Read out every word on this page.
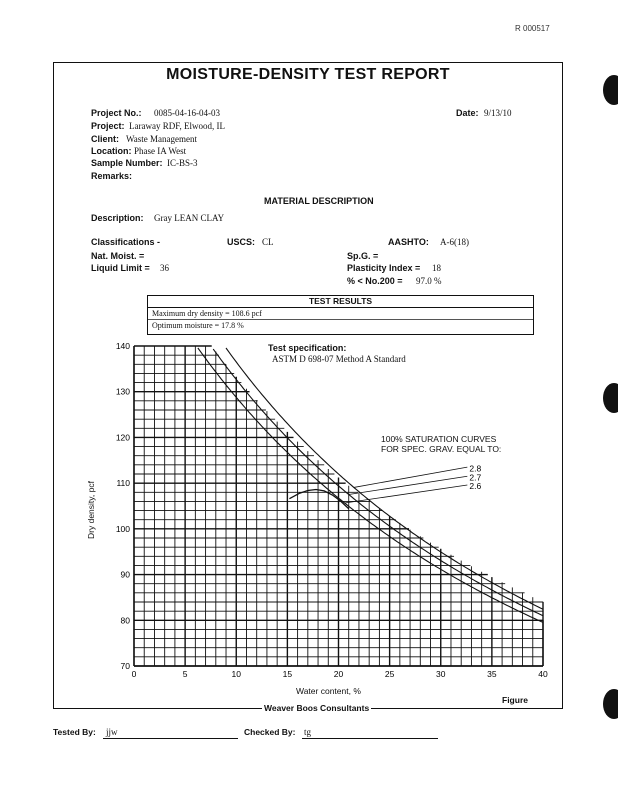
R 000517
MOISTURE-DENSITY TEST REPORT
Project No.: 0085-04-16-04-03	Date: 9/13/10
Project: Laraway RDF, Elwood, IL
Client: Waste Management
Location: Phase IA West
Sample Number: IC-BS-3
Remarks:
MATERIAL DESCRIPTION
Description: Gray LEAN CLAY
Classifications -	USCS: CL	AASHTO: A-6(18)
Nat. Moist. =	Sp.G. =
Liquid Limit = 36	Plasticity Index = 18
% < No.200 = 97.0 %
TEST RESULTS
Maximum dry density = 108.6 pcf
Optimum moisture = 17.8 %
2.8
2.7
2.6
0	5	10	15	20	25	30	35	40
70
80
90
100
110
120
130
140	Test specification:
ASTM D 698-07 Method A Standard
100% SATURATION CURVES
FOR SPEC. GRAV. EQUAL TO:
Dry density, pcf
Water content, %
Figure
Weaver Boos Consultants
Tested By: jjw	Checked By: tg
